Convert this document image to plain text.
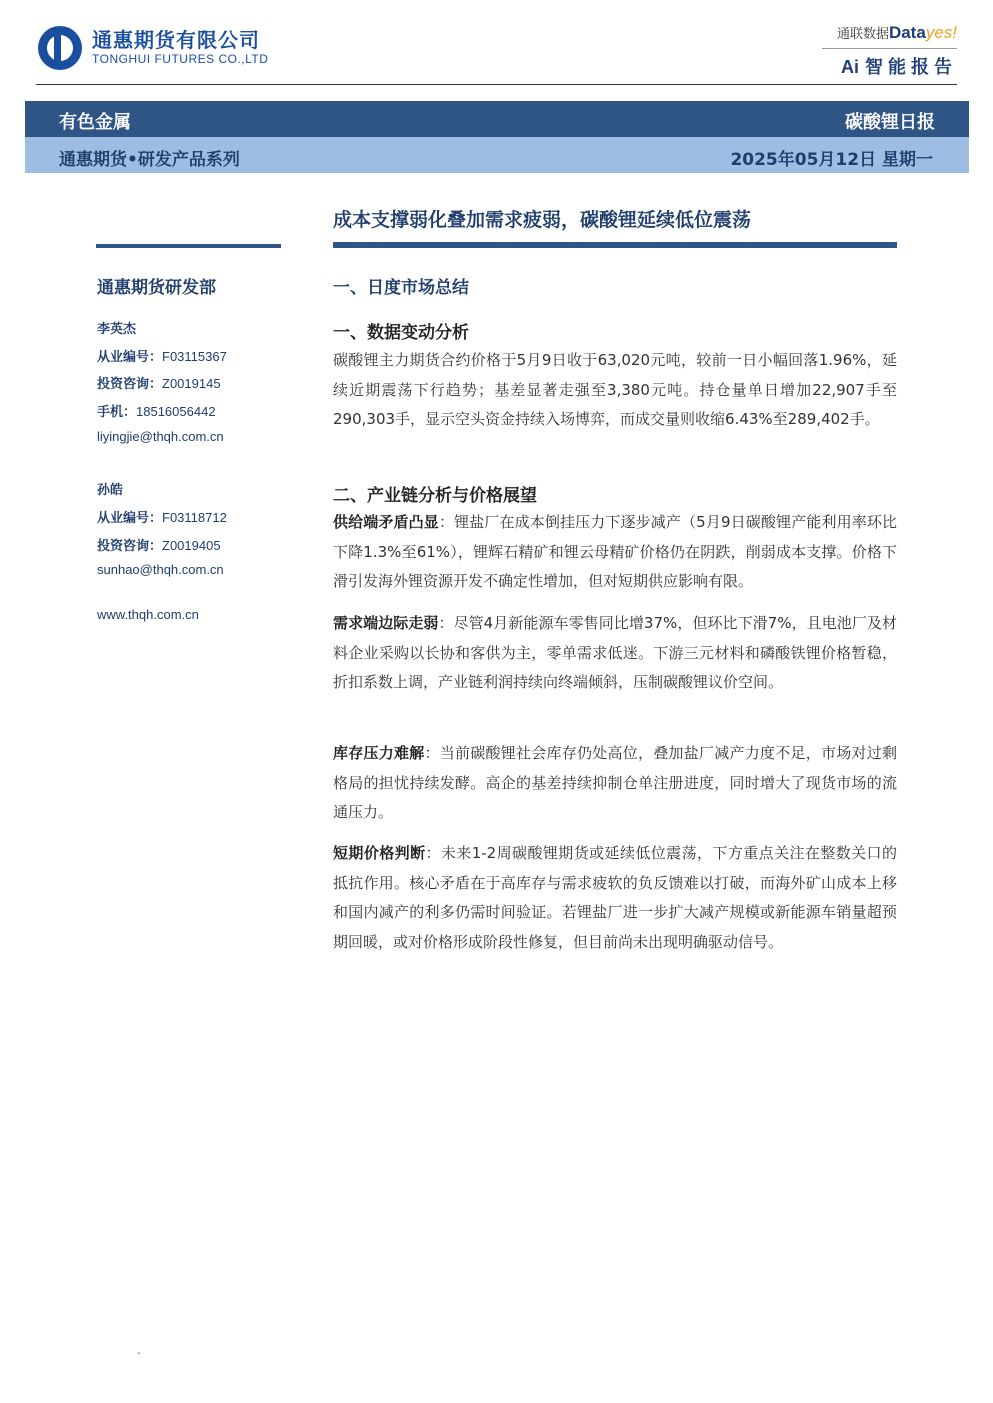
通惠期货有限公司
TONGHUI FUTURES CO.,LTD
通联数据Datayes!
Ai 智能报告
有色金属	碳酸锂日报
通惠期货•研发产品系列	2025年05月12日 星期一
成本支撑弱化叠加需求疲弱，碳酸锂延续低位震荡
通惠期货研发部
李英杰
从业编号：F03115367
投资咨询：Z0019145
手机：18516056442
liyingjie@thqh.com.cn
孙皓
从业编号：F03118712
投资咨询：Z0019405
sunhao@thqh.com.cn
www.thqh.com.cn
一、日度市场总结
一、数据变动分析
碳酸锂主力期货合约价格于5月9日收于63,020元吨，较前一日小幅回落1.96%，延续近期震荡下行趋势；基差显著走强至3,380元吨。持仓量单日增加22,907手至290,303手，显示空头资金持续入场博弈，而成交量则收缩6.43%至289,402手。
二、产业链分析与价格展望
供给端矛盾凸显：锂盐厂在成本倒挂压力下逐步减产（5月9日碳酸锂产能利用率环比下降1.3%至61%），锂辉石精矿和锂云母精矿价格仍在阴跌，削弱成本支撑。价格下滑引发海外锂资源开发不确定性增加，但对短期供应影响有限。
需求端边际走弱：尽管4月新能源车零售同比增37%，但环比下滑7%，且电池厂及材料企业采购以长协和客供为主，零单需求低迷。下游三元材料和磷酸铁锂价格暂稳，折扣系数上调，产业链利润持续向终端倾斜，压制碳酸锂议价空间。
库存压力难解：当前碳酸锂社会库存仍处高位，叠加盐厂减产力度不足，市场对过剩格局的担忧持续发酵。高企的基差持续抑制仓单注册进度，同时增大了现货市场的流通压力。
短期价格判断：未来1-2周碳酸锂期货或延续低位震荡，下方重点关注在整数关口的抵抗作用。核心矛盾在于高库存与需求疲软的负反馈难以打破，而海外矿山成本上移和国内减产的利多仍需时间验证。若锂盐厂进一步扩大减产规模或新能源车销量超预期回暖，或对价格形成阶段性修复，但目前尚未出现明确驱动信号。
-
